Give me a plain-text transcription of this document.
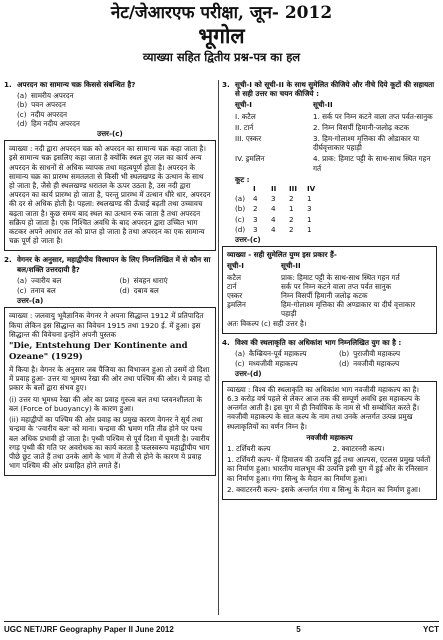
नेट/जेआरएफ परीक्षा, जून- 2012
भूगोल
व्याख्या सहित द्वितीय प्रश्न-पत्र का हल
1. अपरदन का सामान्य चक्र किससे संबन्धित है?
(a) सामरीय अपरदन
(b) पवन अपरदन
(c) नदीय अपरदन
(d) हिम नदीय अपरदन
उत्तर-(c)

व्याख्या : नदी द्वारा अपरदन चक्र को अपरदन का सामान्य चक्र कहा जाता है। इसे सामान्य चक्र इसलिए कहा जाता है क्योंकि स्थल हुए जल का कार्य अन्य अपरदन के साधनों से अधिक व्यापक तथा महत्वपूर्ण होता है। अपरदन के सामान्य चक्र का प्रारम्भ समतलता से किसी भी स्थलखण्ड के उत्थान के साथ हो जाता है, जैसे ही स्थलखण्ड धरातल के ऊपर उठता है, उस नदी द्वारा अपरदन का कार्य प्रारम्भ हो जाता है, परन्तु प्रारम्भ में उत्थान धीरे धार, अपरदन की दर से अधिक होती है। पहला: स्थलखण्ड की ऊँचाई बढ़ती तथा उच्चावच बढ़ता जाता है। कुछ समय बाद स्थल का उत्थान रुक जाता है तथा अपरदन सक्रिय हो जाता है। एक निश्चित अवधि के बाद अपरदन द्वारा उच्चित भाग कटकर अपने आधार तल को प्राप्त हो जाता है तथा अपरदन का एक सामान्य चक्र पूर्ण हो जाता है।

2. वेगनर के अनुसार, महाद्वीपीय विस्थापन के लिए निम्नलिखित में से कौन सा बल/शक्ति उत्तरदायी है?
(a) ज्वारीय बल	(b) संवहन धाराएं
(c) तनाव बल	(d) दबाव बल
उत्तर-(a)

व्याख्या : जलवायु भूवैज्ञानिक वेगनर ने अपना सिद्धान्त 1912 में प्रतिपादित किया लेकिन इस सिद्धान्त का विवेचन 1915 तथा 1920 ई. में हुआ। इस सिद्धान्त की विवेचना इन्होंने अपनी पुस्तक

"Die, Entstehung Der Kontinente and Ozeane" (1929)

में किया है। वेगनर के अनुसार जब पैंजिया का विभाजन हुआ तो उसमें दो दिशा में प्रवाह हुआ- उत्तर या भूमध्य रेखा की ओर तथा पश्चिम की ओर। ये प्रवाह दो प्रकार के बलों द्वारा संभव हुए।

(i) उत्तर या भूमध्य रेखा की ओर का प्रवाह गुरुत्व बल तथा प्लवनशीलता के बल (Force of buoyancy) के कारण हुआ।

(ii) महाद्वीपों का पश्चिम की ओर प्रवाह का प्रमुख कारण वेगनर ने सूर्य तथा चन्द्रमा के 'ज्वारीय बल' को माना। चन्द्रमा की भ्रमण गति तीव्र होने पर पश्च बल अधिक प्रभावी हो जाता है। पृथ्वी पश्चिम से पूर्व दिशा में घूमती है। ज्वारीय रगड़ पृथ्वी की गति पर अवरोधक का कार्य करता है फलस्वरूप महाद्वीपीय भाग पीछे छूट जाते हैं तथा उनके आगे के भाग में तेजी से होने के कारण ये प्रवाह भाग पश्चिम की ओर प्रवाहित होने लगते हैं।

3. सूची-I को सूची-II के साथ सुमेलित कीजिये और नीचे दिये कूटों की सहायता से सही उत्तर का चयन कीजिये :
सूची-I	सूची-II
I. कटैल	1. सर्क पर निम्न कटने वाला तप्त पर्वत-सानुक
II. टार्न	2. निम्न विसर्पी हिमानी-जलोढ़ कटक
III. एस्कर	3. हिम-गोलाश्म मृत्तिका की ओडाकार या दीर्घवृत्ताकार पहाड़ी
IV. ड्रमलिन	4. प्राक: हिमाट पट्टी के साथ-साथ स्थित गहन गर्त
कूट :
I	II	III	IV
(a)	4	3	2	1
(b)	2	4	1	3
(c)	3	4	2	1
(d)	3	4	2	1
उत्तर-(c)

व्याख्या - सही सुमेलित युग्म इस प्रकार हैं-

सूची-I	सूची-II
कटैल	प्राक: हिमाट पट्टी के साथ-साथ स्थित गहन गर्त
टार्न	सर्क पर निम्न कटने वाला तप्त पर्वत सानुक
एस्कर	निम्न विसर्पी हिमानी जलोढ़ कटक
ड्रमलिन	हिम-गोलाश्म मृत्तिका की अण्डाकार या दीर्घ वृत्ताकार पहाड़ी

अतः विकल्प (c) सही उत्तर है।

4. विश्व की स्थलाकृति का अधिकांश भाग निम्नलिखित युग का है :
(a) कैम्ब्रियन-पूर्व महाकल्प	(b) पुराजीवी महाकल्प
(c) मध्यजीवी महाकल्प	(d) नवजीवी महाकल्प
उत्तर-(d)

व्याख्या : विश्व की स्थलाकृति का अधिकांश भाग नवजीवी महाकल्प का है। 6.3 करोड़ वर्ष पहले से लेकर आज तक की सम्पूर्ण अवधि इस महाकल्प के अन्तर्गत आती है। इस युग में ही निर्वाचिक के नाम से भी सम्बोधित करते हैं। नवजीवी महाकल्प के सात कल्प के नाम तथा उनके अन्तर्गत उत्पन्न प्रमुख स्थलाकृतियों का वर्णन निम्न है।

नवजीवी महाकल्प
1. टर्शियरी कल्प	2. क्वाटरनरी कल्प।

1. टर्शियरी कल्प- में हिमालय की उत्पत्ति हुई तथा आल्पस, एटलस प्रमुख पर्वतों का निर्माण हुआ। भारतीय मालभूम की उत्पत्ति इसी युग में हुई और के रनिरसान का निर्माण हुआ। गंगा सिन्धु के मैदान का निर्माण हुआ।

2. क्वाटरनरी कल्प- इसके अन्तर्गत गंगा व सिन्धु के मैदान का निर्माण हुआ।

UGC NET/JRF Geography Paper II June 2012	5	YCT
